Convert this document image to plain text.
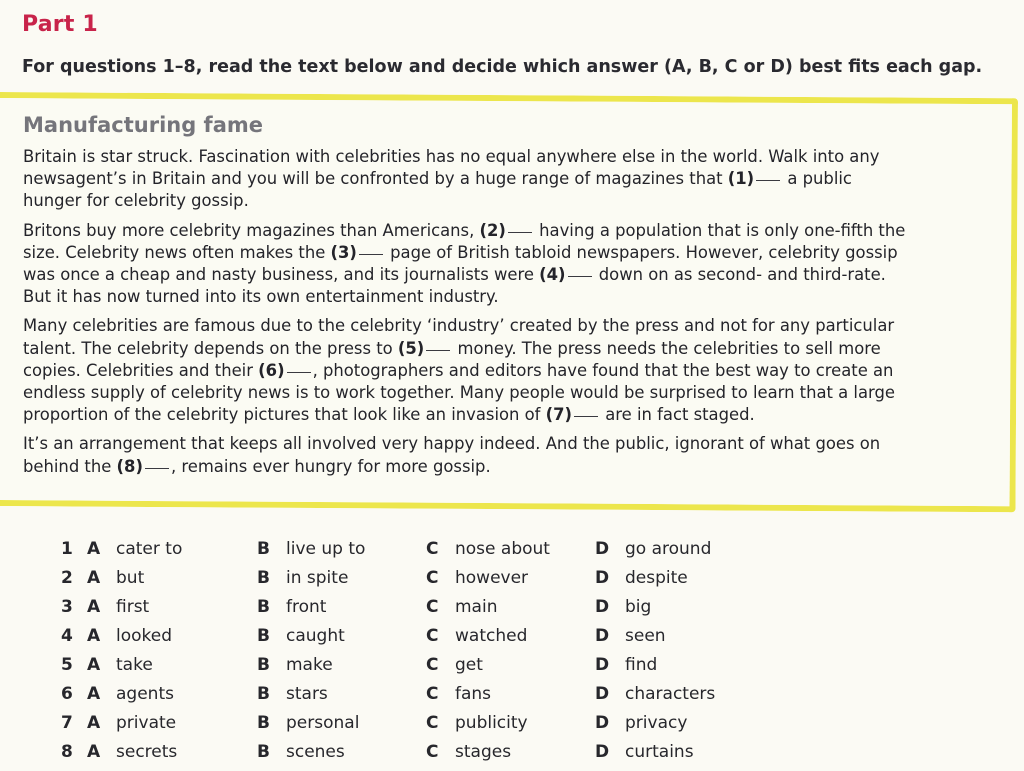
Part 1
For questions 1–8, read the text below and decide which answer (A, B, C or D) best fits each gap.
Manufacturing fame
Britain is star struck. Fascination with celebrities has no equal anywhere else in the world. Walk into any
newsagent’s in Britain and you will be confronted by a huge range of magazines that (1) a public
hunger for celebrity gossip.
Britons buy more celebrity magazines than Americans, (2) having a population that is only one-fifth the
size. Celebrity news often makes the (3) page of British tabloid newspapers. However, celebrity gossip
was once a cheap and nasty business, and its journalists were (4) down on as second- and third-rate.
But it has now turned into its own entertainment industry.
Many celebrities are famous due to the celebrity ‘industry’ created by the press and not for any particular
talent. The celebrity depends on the press to (5) money. The press needs the celebrities to sell more
copies. Celebrities and their (6) , photographers and editors have found that the best way to create an
endless supply of celebrity news is to work together. Many people would be surprised to learn that a large
proportion of the celebrity pictures that look like an invasion of (7) are in fact staged.
It’s an arrangement that keeps all involved very happy indeed. And the public, ignorant of what goes on
behind the (8) , remains ever hungry for more gossip.
1 A cater to	B live up to	C nose about	D go around
2 A but	B in spite	C however	D despite
3 A first	B front	C main	D big
4 A looked	B caught	C watched	D seen
5 A take	B make	C get	D find
6 A agents	B stars	C fans	D characters
7 A private	B personal	C publicity	D privacy
8 A secrets	B scenes	C stages	D curtains
